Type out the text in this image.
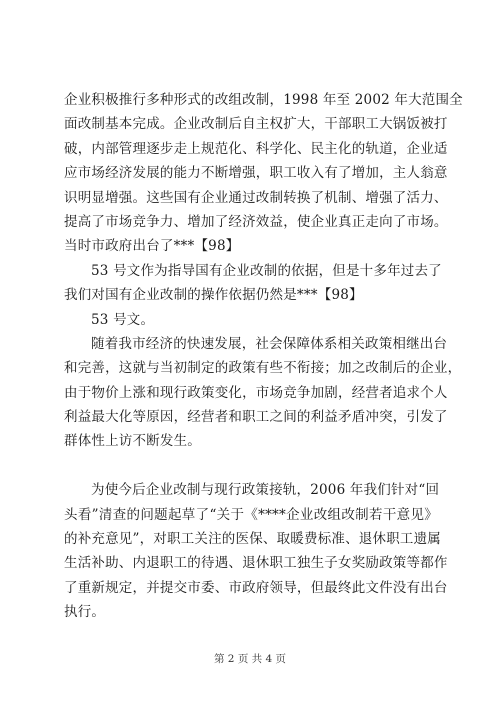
企业积极推行多种形式的改组改制，1998 年至 2002 年大范围全
面改制基本完成。企业改制后自主权扩大，干部职工大锅饭被打
破，内部管理逐步走上规范化、科学化、民主化的轨道，企业适
应市场经济发展的能力不断增强，职工收入有了增加，主人翁意
识明显增强。这些国有企业通过改制转换了机制、增强了活力、
提高了市场竞争力、增加了经济效益，使企业真正走向了市场。
当时市政府出台了***【98】
53 号文作为指导国有企业改制的依据，但是十多年过去了
我们对国有企业改制的操作依据仍然是***【98】
53 号文。
随着我市经济的快速发展，社会保障体系相关政策相继出台
和完善，这就与当初制定的政策有些不衔接；加之改制后的企业，
由于物价上涨和现行政策变化，市场竞争加剧，经营者追求个人
利益最大化等原因，经营者和职工之间的利益矛盾冲突，引发了
群体性上访不断发生。
为使今后企业改制与现行政策接轨，2006 年我们针对“回
头看”清查的问题起草了“关于《****企业改组改制若干意见》
的补充意见”，对职工关注的医保、取暖费标准、退休职工遗属
生活补助、内退职工的待遇、退休职工独生子女奖励政策等都作
了重新规定，并提交市委、市政府领导，但最终此文件没有出台
执行。
第 2 页 共 4 页
